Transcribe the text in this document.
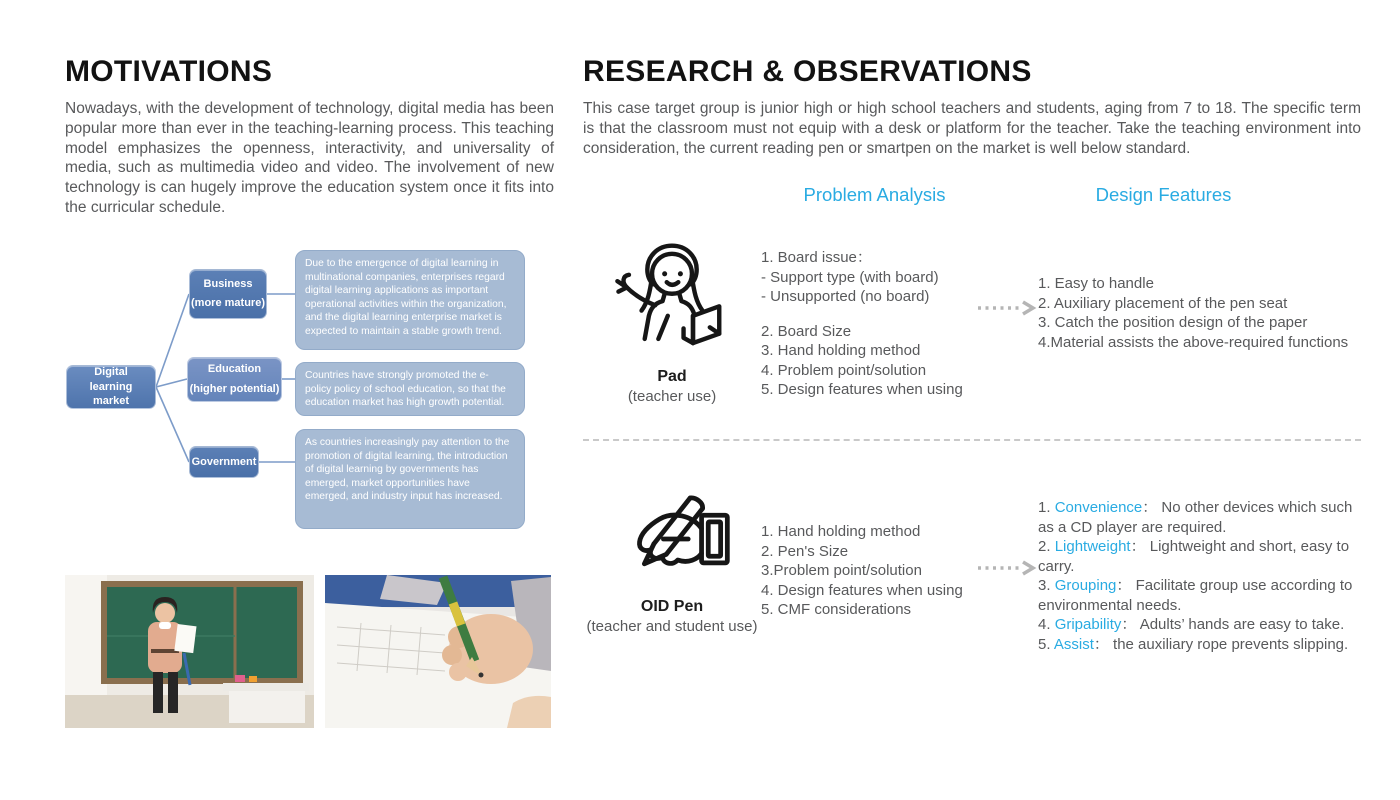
MOTIVATIONS

Nowadays, with the development of technology, digital media has been popular more than ever in the teaching-learning process. This teaching model emphasizes the openness, interactivity, and universality of media, such as multimedia video and video. The involvement of new technology is can hugely improve the education system once it fits into the curricular schedule.

Digital learning market
Business
(more mature)
Education
(higher potential)
Government
Due to the emergence of digital learning in multinational companies, enterprises regard digital learning applications as important operational activities within the organization, and the digital learning enterprise market is expected to maintain a stable growth trend.
Countries have strongly promoted the e-policy policy of school education, so that the education market has high growth potential.
As countries increasingly pay attention to the promotion of digital learning, the introduction of digital learning by governments has emerged, market opportunities have emerged, and industry input has increased.
RESEARCH & OBSERVATIONS

This case target group is junior high or high school teachers and students, aging from 7 to 18. The specific term is that the classroom must not equip with a desk or platform for the teacher. Take the teaching environment into consideration, the current reading pen or smartpen on the market is well below standard.

Problem Analysis	Design Features
Pad
(teacher use)
1. Board issue：
- Support type (with board)
- Unsupported (no board)
2. Board Size
3. Hand holding method
4. Problem point/solution
5. Design features when using
1. Easy to handle
2. Auxiliary placement of the pen seat
3. Catch the position design of the paper
4.Material assists the above-required functions
OID Pen
(teacher and student use)
1. Hand holding method
2. Pen's Size
3.Problem point/solution
4. Design features when using
5. CMF considerations
1. Convenience： No other devices which such as a CD player are required.
2. Lightweight： Lightweight and short, easy to carry.
3. Grouping： Facilitate group use according to environmental needs.
4. Gripability： Adults’ hands are easy to take.
5. Assist： the auxiliary rope prevents slipping.
